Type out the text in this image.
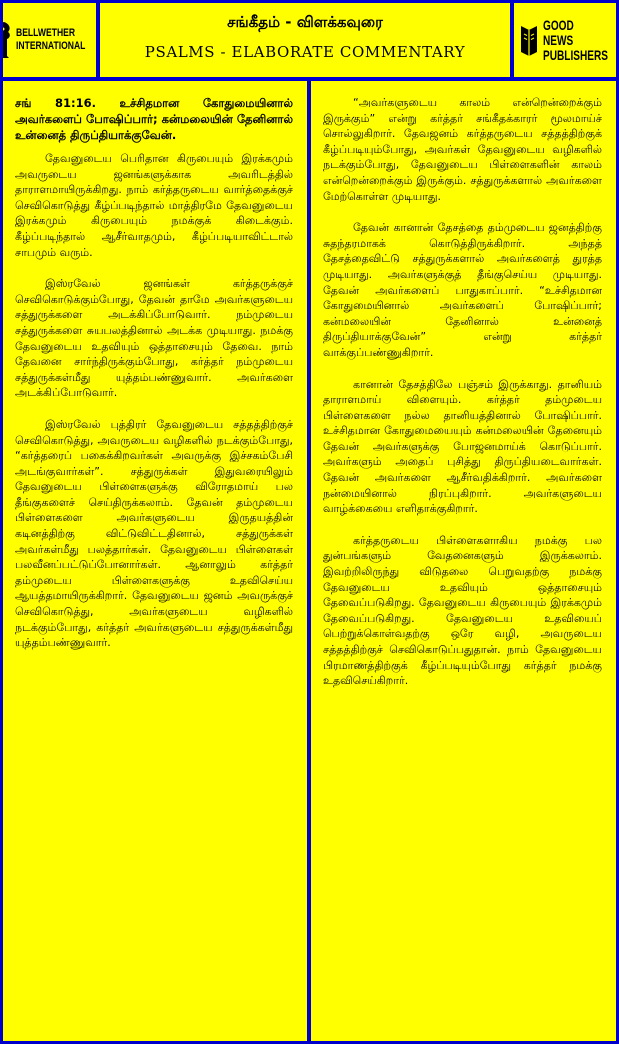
BELLWETHER
INTERNATIONAL
சங்கீதம் - விளக்கவுரை
PSALMS - ELABORATE COMMENTARY
GOOD NEWS
PUBLISHERS

சங் 81:16. உச்சிதமான கோதுமையினால் அவர்களைப் போஷிப்பார்; கன்மலையின் தேனினால் உன்னைத் திருப்தியாக்குவேன்.

தேவனுடைய பெரிதான கிருபையும் இரக்கமும் அவருடைய ஜனங்களுக்காக அவரிடத்தில் தாராளமாயிருக்கிறது. நாம் கர்த்தருடைய வார்த்தைக்குச் செவிகொடுத்து கீழ்ப்படிந்தால் மாத்திரமே தேவனுடைய இரக்கமும் கிருபையும் நமக்குக் கிடைக்கும். கீழ்ப்படிந்தால் ஆசீர்வாதமும், கீழ்ப்படியாவிட்டால் சாபமும் வரும்.

இஸ்ரவேல் ஜனங்கள் கர்த்தருக்குச் செவிகொடுக்கும்போது, தேவன் தாமே அவர்களுடைய சத்துருக்களை அடக்கிப்போடுவார். நம்முடைய சத்துருக்களை சுயபலத்தினால் அடக்க முடியாது. நமக்கு தேவனுடைய உதவியும் ஒத்தாசையும் தேவை. நாம் தேவனை சார்ந்திருக்கும்போது, கர்த்தர் நம்முடைய சத்துருக்கள்மீது யுத்தம்பண்ணுவார். அவர்களை அடக்கிப்போடுவார்.

இஸ்ரவேல் புத்திரர் தேவனுடைய சத்தத்திற்குச் செவிகொடுத்து, அவருடைய வழிகளில் நடக்கும்போது, “கர்த்தரைப் பகைக்கிறவர்கள் அவருக்கு இச்சகம்பேசி அடங்குவார்கள்”. சத்துருக்கள் இதுவரையிலும் தேவனுடைய பிள்ளைகளுக்கு விரோதமாய் பல தீங்குகளைச் செய்திருக்கலாம். தேவன் தம்முடைய பிள்ளைகளை அவர்களுடைய இருதயத்தின் கடினத்திற்கு விட்டுவிட்டதினால், சத்துருக்கள் அவர்கள்மீது பலத்தார்கள். தேவனுடைய பிள்ளைகள் பலவீனப்பட்டுப்போனார்கள். ஆனாலும் கர்த்தர் தம்முடைய பிள்ளைகளுக்கு உதவிசெய்ய ஆயத்தமாயிருக்கிறார். தேவனுடைய ஜனம் அவருக்குச் செவிகொடுத்து, அவர்களுடைய வழிகளில் நடக்கும்போது, கர்த்தர் அவர்களுடைய சத்துருக்கள்மீது யுத்தம்பண்ணுவார்.

“அவர்களுடைய காலம் என்றென்றைக்கும் இருக்கும்” என்று கர்த்தர் சங்கீதக்காரர் மூலமாய்ச் சொல்லுகிறார். தேவஜனம் கர்த்தருடைய சத்தத்திற்குக் கீழ்ப்படியும்போது, அவர்கள் தேவனுடைய வழிகளில் நடக்கும்போது, தேவனுடைய பிள்ளைகளின் காலம் என்றென்றைக்கும் இருக்கும். சத்துருக்களால் அவர்களை மேற்கொள்ள முடியாது.

தேவன் கானான் தேசத்தை தம்முடைய ஜனத்திற்கு சுதந்தரமாகக் கொடுத்திருக்கிறார். அந்தத் தேசத்தைவிட்டு சத்துருக்களால் அவர்களைத் துரத்த முடியாது. அவர்களுக்குத் தீங்குசெய்ய முடியாது. தேவன் அவர்களைப் பாதுகாப்பார். “உச்சிதமான கோதுமையினால் அவர்களைப் போஷிப்பார்; கன்மலையின் தேனினால் உன்னைத் திருப்தியாக்குவேன்” என்று கர்த்தர் வாக்குப்பண்ணுகிறார்.

கானான் தேசத்திலே பஞ்சம் இருக்காது. தானியம் தாராளமாய் விளையும். கர்த்தர் தம்முடைய பிள்ளைகளை நல்ல தானியத்தினால் போஷிப்பார். உச்சிதமான கோதுமையையும் கன்மலையின் தேனையும் தேவன் அவர்களுக்கு போஜனமாய்க் கொடுப்பார். அவர்களும் அதைப் புசித்து திருப்தியடைவார்கள். தேவன் அவர்களை ஆசீர்வதிக்கிறார். அவர்களை நன்மையினால் நிரப்புகிறார். அவர்களுடைய வாழ்க்கையை எளிதாக்குகிறார்.

கர்த்தருடைய பிள்ளைகளாகிய நமக்கு பல துன்பங்களும் வேதனைகளும் இருக்கலாம். இவற்றிலிருந்து விடுதலை பெறுவதற்கு நமக்கு தேவனுடைய உதவியும் ஒத்தாசையும் தேவைப்படுகிறது. தேவனுடைய கிருபையும் இரக்கமும் தேவைப்படுகிறது. தேவனுடைய உதவியைப் பெற்றுக்கொள்வதற்கு ஒரே வழி, அவருடைய சத்தத்திற்குச் செவிகொடுப்பதுதான். நாம் தேவனுடைய பிரமாணத்திற்குக் கீழ்ப்படியும்போது கர்த்தர் நமக்கு உதவிசெய்கிறார்.
